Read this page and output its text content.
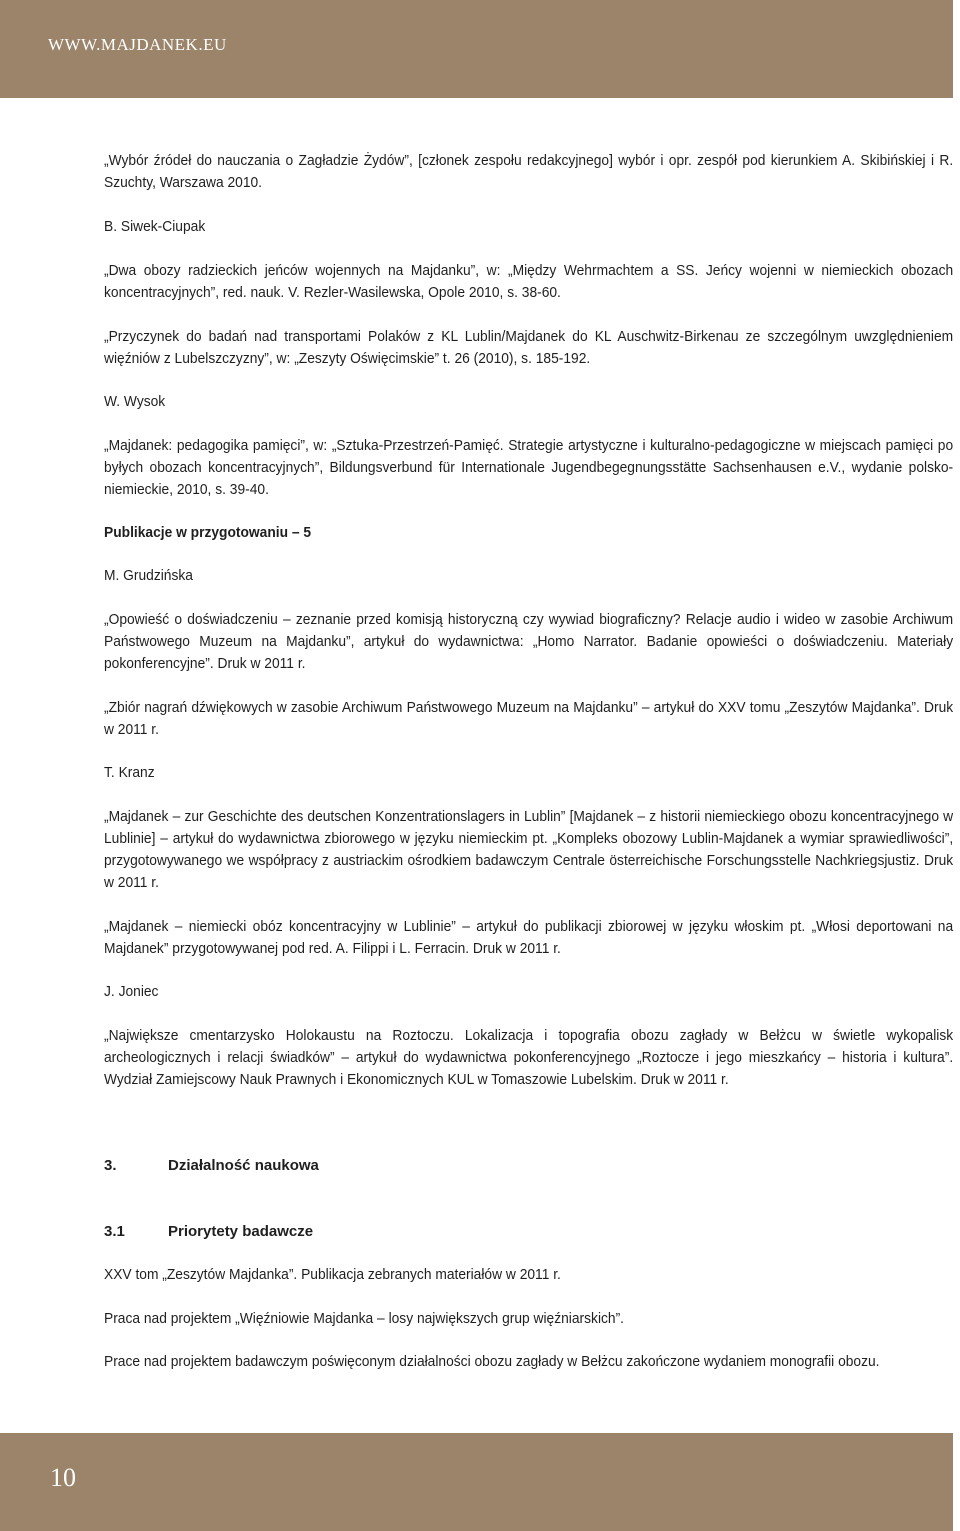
WWW.MAJDANEK.EU
„Wybór źródeł do nauczania o Zagładzie Żydów”, [członek zespołu redakcyjnego] wybór i opr. zespół pod kierunkiem A. Skibińskiej i R. Szuchty, Warszawa 2010.
B. Siwek-Ciupak
„Dwa obozy radzieckich jeńców wojennych na Majdanku”, w: „Między Wehrmachtem a SS. Jeńcy wojenni w niemieckich obozach koncentracyjnych”, red. nauk. V. Rezler-Wasilewska, Opole 2010, s. 38-60.
„Przyczynek do badań nad transportami Polaków z KL Lublin/Majdanek do KL Auschwitz-Birkenau ze szczególnym uwzględnieniem więźniów z Lubelszczyzny”, w: „Zeszyty Oświęcimskie” t. 26 (2010), s. 185-192.
W. Wysok
„Majdanek: pedagogika pamięci”, w: „Sztuka-Przestrzeń-Pamięć. Strategie artystyczne i kulturalno-pedagogiczne w miejscach pamięci po byłych obozach koncentracyjnych”, Bildungsverbund für Internationale Jugendbegegnungsstätte Sachsenhausen e.V., wydanie polsko-niemieckie, 2010, s. 39-40.
Publikacje w przygotowaniu – 5
M. Grudzińska
„Opowieść o doświadczeniu – zeznanie przed komisją historyczną czy wywiad biograficzny? Relacje audio i wideo w zasobie Archiwum Państwowego Muzeum na Majdanku”, artykuł do wydawnictwa: „Homo Narrator. Badanie opowieści o doświadczeniu. Materiały pokonferencyjne”. Druk w 2011 r.
„Zbiór nagrań dźwiękowych w zasobie Archiwum Państwowego Muzeum na Majdanku” – artykuł do XXV tomu „Zeszytów Majdanka”. Druk w 2011 r.
T. Kranz
„Majdanek – zur Geschichte des deutschen Konzentrationslagers in Lublin” [Majdanek – z historii niemieckiego obozu koncentracyjnego w Lublinie] – artykuł do wydawnictwa zbiorowego w języku niemieckim pt. „Kompleks obozowy Lublin-Majdanek a wymiar sprawiedliwości”, przygotowywanego we współpracy z austriackim ośrodkiem badawczym Centrale österreichische Forschungsstelle Nachkriegsjustiz. Druk w 2011 r.
„Majdanek – niemiecki obóz koncentracyjny w Lublinie” – artykuł do publikacji zbiorowej w języku włoskim pt. „Włosi deportowani na Majdanek” przygotowywanej pod red. A. Filippi i L. Ferracin. Druk w 2011 r.
J. Joniec
„Największe cmentarzysko Holokaustu na Roztoczu. Lokalizacja i topografia obozu zagłady w Bełżcu w świetle wykopalisk archeologicznych i relacji świadków” – artykuł do wydawnictwa pokonferencyjnego „Roztocze i jego mieszkańcy – historia i kultura”. Wydział Zamiejscowy Nauk Prawnych i Ekonomicznych KUL w Tomaszowie Lubelskim. Druk w 2011 r.
3.	Działalność naukowa
3.1	Priorytety badawcze
XXV tom „Zeszytów Majdanka”. Publikacja zebranych materiałów w 2011 r.
Praca nad projektem „Więźniowie Majdanka – losy największych grup więźniarskich”.
Prace nad projektem badawczym poświęconym działalności obozu zagłady w Bełżcu zakończone wydaniem monografii obozu.
10
